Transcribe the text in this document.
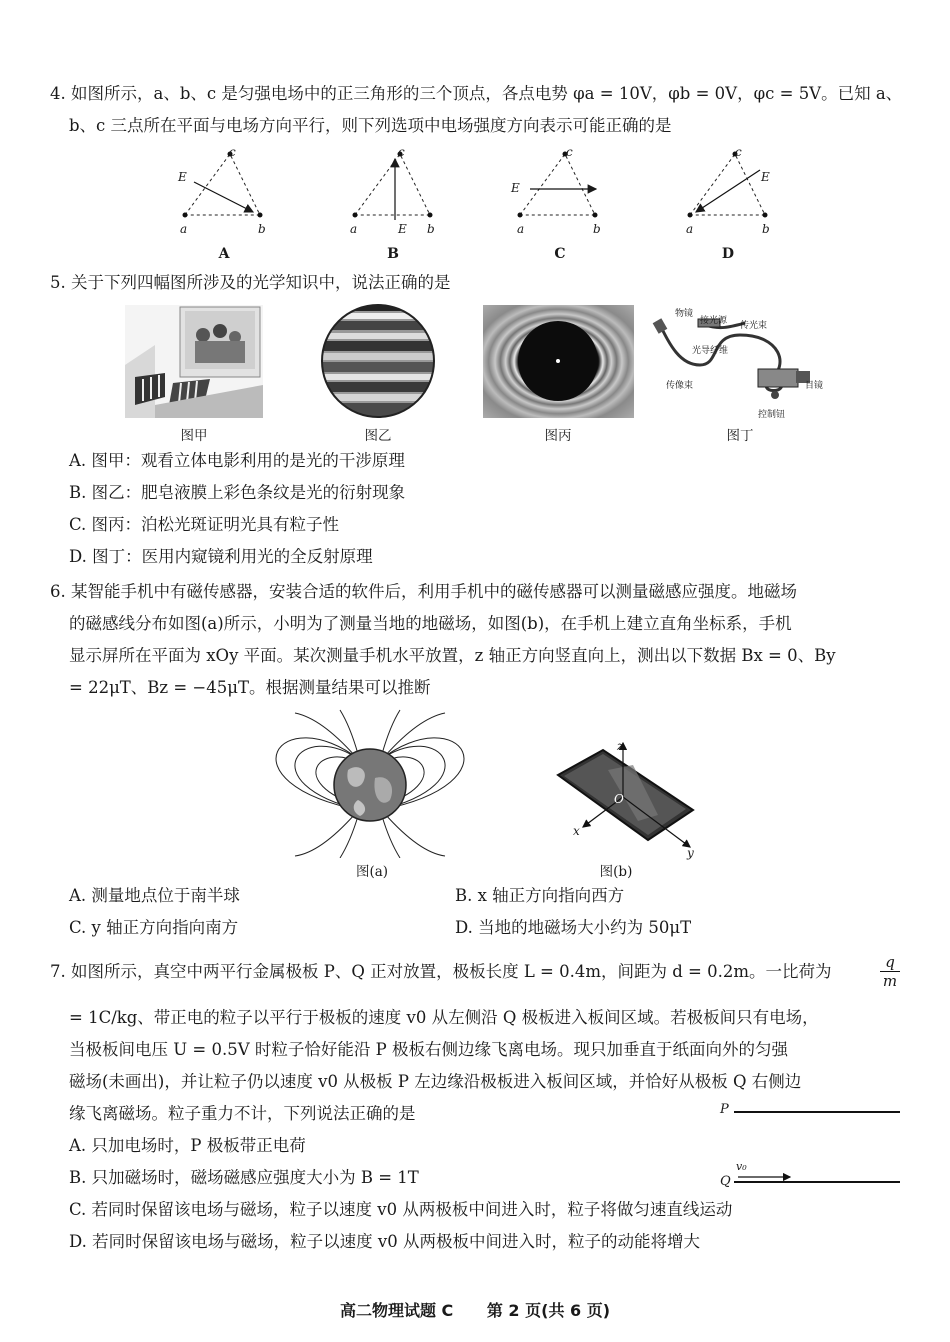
4. 如图所示，a、b、c 是匀强电场中的正三角形的三个顶点，各点电势 φa = 10V，φb = 0V，φc = 5V。已知 a、
b、c 三点所在平面与电场方向平行，则下列选项中电场强度方向表示可能正确的是
E
a	b
c
a	E b
c
E
a	b
c
E
a	b
c
A	B	C	D
5. 关于下列四幅图所涉及的光学知识中，说法正确的是
物镜
接光源 传光束
光导纤维
传像束	目镜
控制钮
图甲	图乙	图丙	图丁
A. 图甲：观看立体电影利用的是光的干涉原理
B. 图乙：肥皂液膜上彩色条纹是光的衍射现象
C. 图丙：泊松光斑证明光具有粒子性
D. 图丁：医用内窥镜利用光的全反射原理
6. 某智能手机中有磁传感器，安装合适的软件后，利用手机中的磁传感器可以测量磁感应强度。地磁场
的磁感线分布如图(a)所示，小明为了测量当地的地磁场，如图(b)，在手机上建立直角坐标系，手机
显示屏所在平面为 xOy 平面。某次测量手机水平放置，z 轴正方向竖直向上，测出以下数据 Bx = 0、By
= 22μT、Bz = −45μT。根据测量结果可以推断
z
O
x
y
图(a)	图(b)
A. 测量地点位于南半球	B. x 轴正方向指向西方
C. y 轴正方向指向南方	D. 当地的地磁场大小约为 50μT
7. 如图所示，真空中两平行金属极板 P、Q 正对放置，极板长度 L = 0.4m，间距为 d = 0.2m。一比荷为	$\frac{q}{m}$
= 1C/kg、带正电的粒子以平行于极板的速度 v0 从左侧沿 Q 极板进入板间区域。若极板间只有电场，
当极板间电压 U = 0.5V 时粒子恰好能沿 P 极板右侧边缘飞离电场。现只加垂直于纸面向外的匀强
磁场(未画出)，并让粒子仍以速度 v0 从极板 P 左边缘沿极板进入板间区域，并恰好从极板 Q 右侧边
缘飞离磁场。粒子重力不计，下列说法正确的是	P
Q
v₀
A. 只加电场时，P 极板带正电荷
B. 只加磁场时，磁场磁感应强度大小为 B = 1T
C. 若同时保留该电场与磁场，粒子以速度 v0 从两极板中间进入时，粒子将做匀速直线运动
D. 若同时保留该电场与磁场，粒子以速度 v0 从两极板中间进入时，粒子的动能将增大
高二物理试题 C 第 2 页(共 6 页)
